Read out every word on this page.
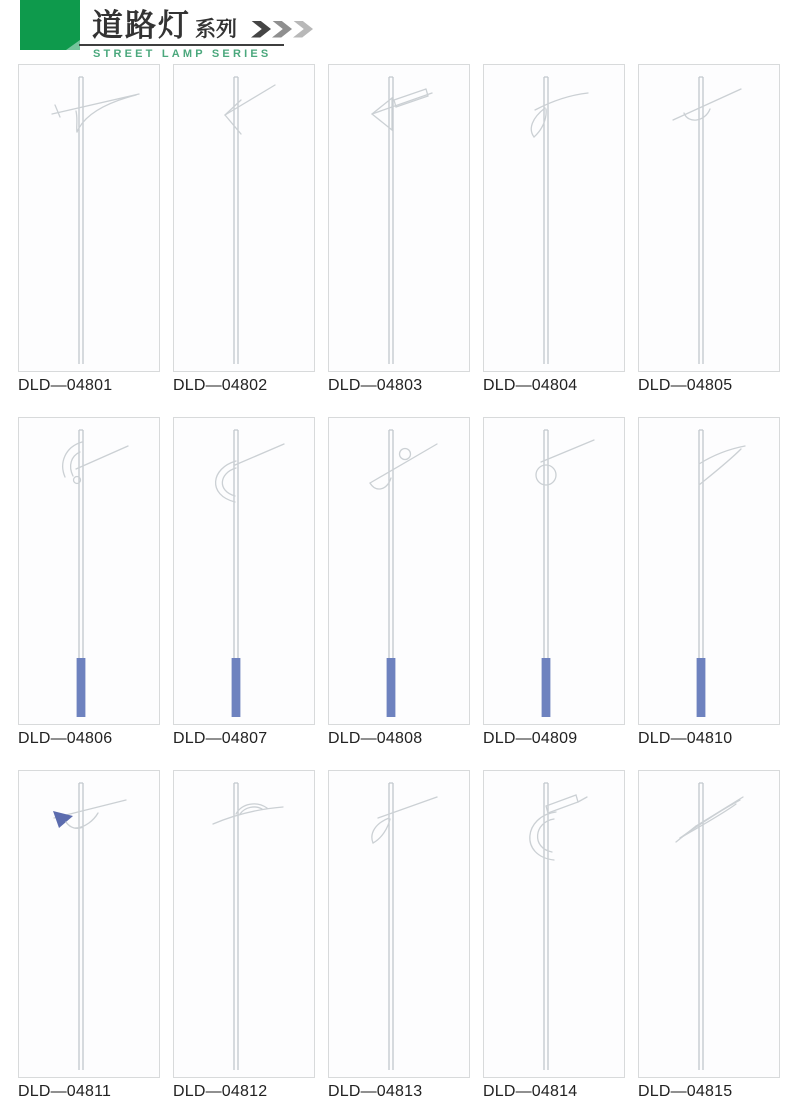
道路灯 系列
STREET LAMP SERIES
DLD—04801	DLD—04802	DLD—04803	DLD—04804	DLD—04805
DLD—04806	DLD—04807	DLD—04808	DLD—04809	DLD—04810
DLD—04811	DLD—04812	DLD—04813	DLD—04814	DLD—04815
